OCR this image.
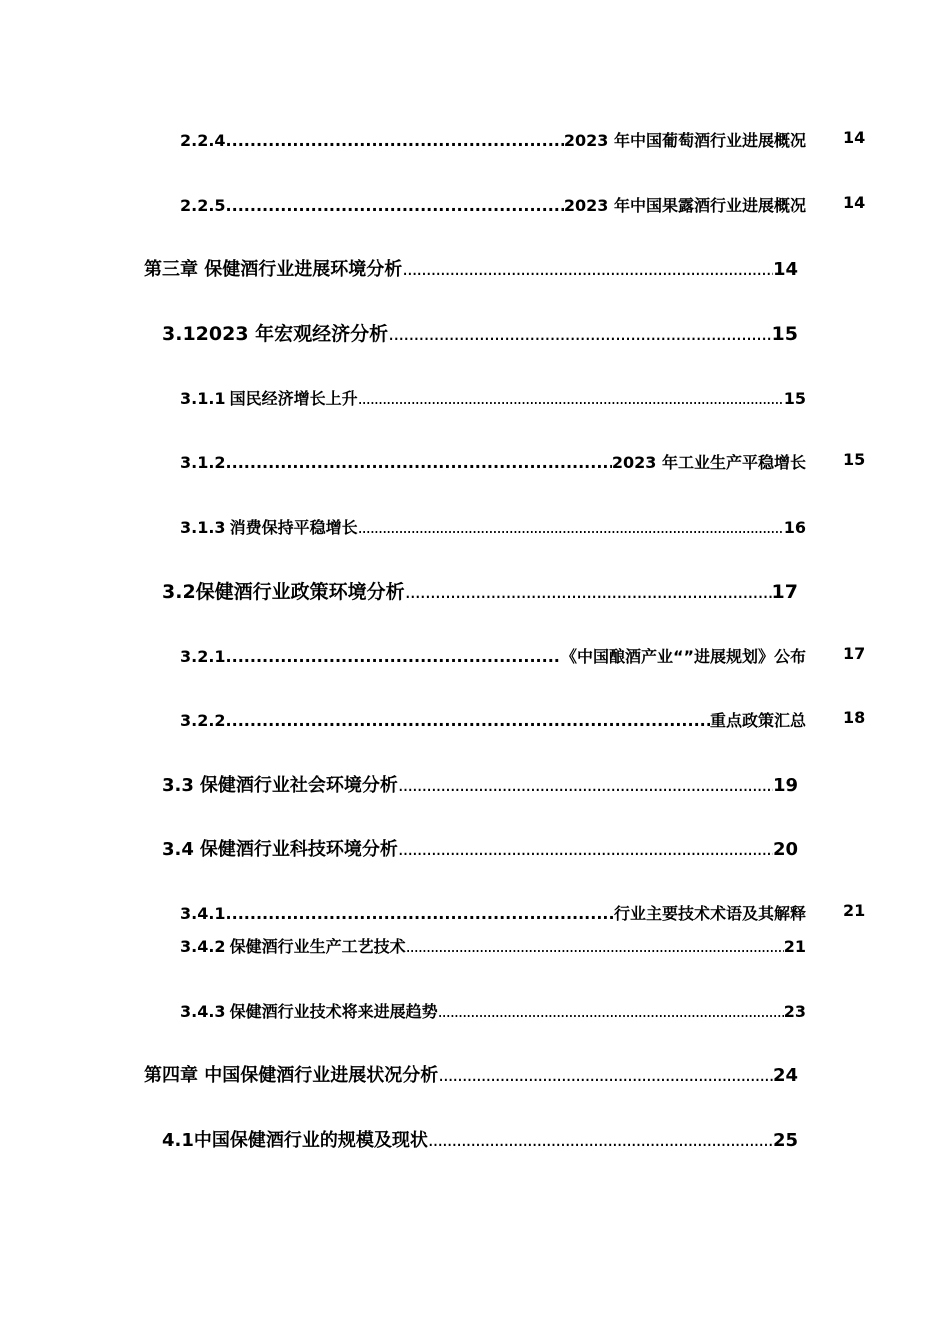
2.2.4. .....	2023 年中国葡萄酒行业进展概况 14
2.2.5. .....	2023 年中国果露酒行业进展概况 14
第三章 保健酒行业进展环境分析 .....	14
3.1 2023 年宏观经济分析 .....	15
3.1.1 国民经济增长上升 .....	15
3.1.2. .....	2023 年工业生产平稳增长 15
3.1.3 消费保持平稳增长 .....	16
3.2 保健酒行业政策环境分析 .....	17
3.2.1. .....	《中国酿酒产业“”进展规划》公布 17
3.2.2. .....	重点政策汇总 18
3.3 保健酒行业社会环境分析 .....	19
3.4 保健酒行业科技环境分析 .....	20
3.4.1. .....	行业主要技术术语及其解释 21
3.4.2 保健酒行业生产工艺技术 .....	21
3.4.3 保健酒行业技术将来进展趋势 .....	23
第四章 中国保健酒行业进展状况分析 .....	24
4.1 中国保健酒行业的规模及现状 .....	25
